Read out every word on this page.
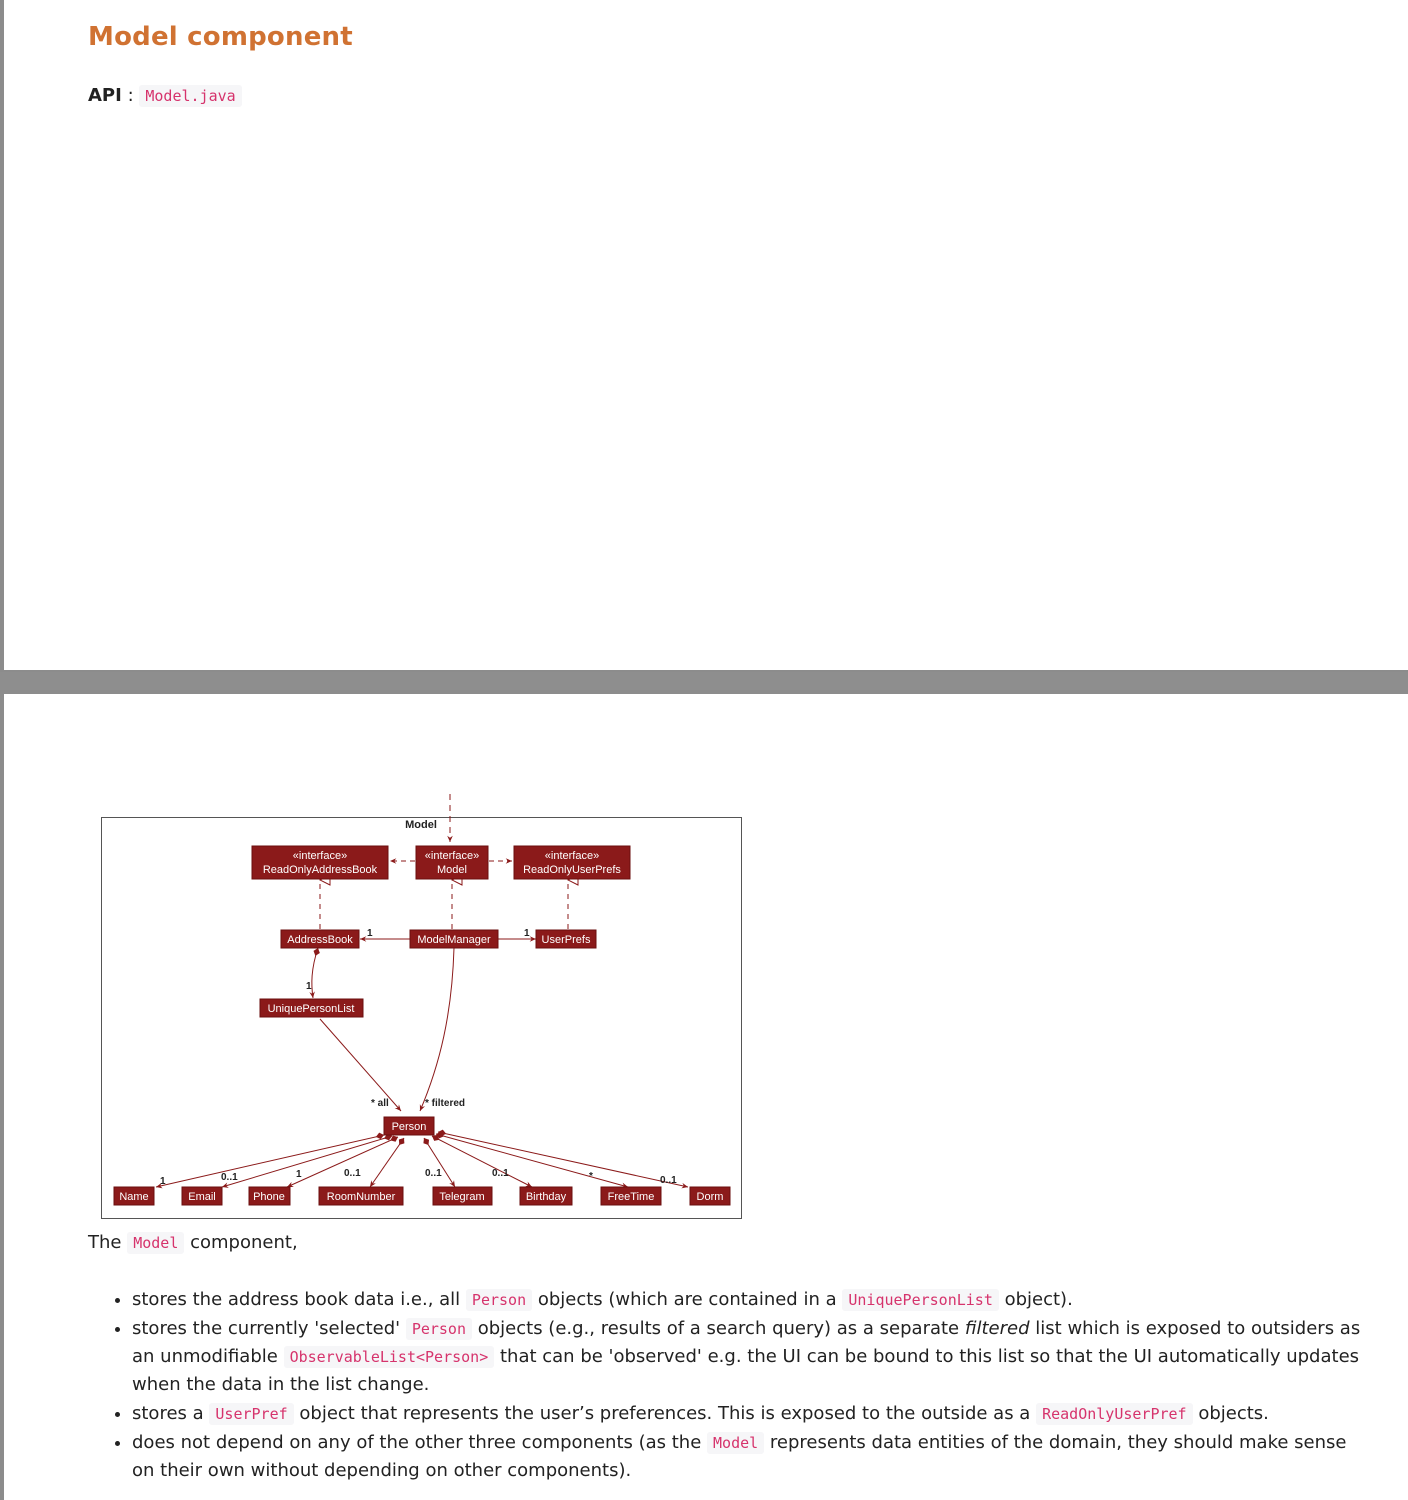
Model component
API : Model.java
Model
«interface»
ReadOnlyAddressBook
«interface»
Model
«interface»
ReadOnlyUserPrefs
AddressBook	ModelManager	UserPrefs
UniquePersonList
Person
Name	Email	Phone	RoomNumber	Telegram	Birthday	FreeTime	Dorm
1	1
1
* all	* filtered
1	0..1	1	0..1	0..1	0..1	*	0..1
The Model component,
• stores the address book data i.e., all Person objects (which are contained in a UniquePersonList object).
• stores the currently 'selected' Person objects (e.g., results of a search query) as a separate filtered list which is exposed to outsiders as an unmodifiable ObservableList<Person> that can be 'observed' e.g. the UI can be bound to this list so that the UI automatically updates when the data in the list change.
• stores a UserPref object that represents the user’s preferences. This is exposed to the outside as a ReadOnlyUserPref objects.
• does not depend on any of the other three components (as the Model represents data entities of the domain, they should make sense on their own without depending on other components).
